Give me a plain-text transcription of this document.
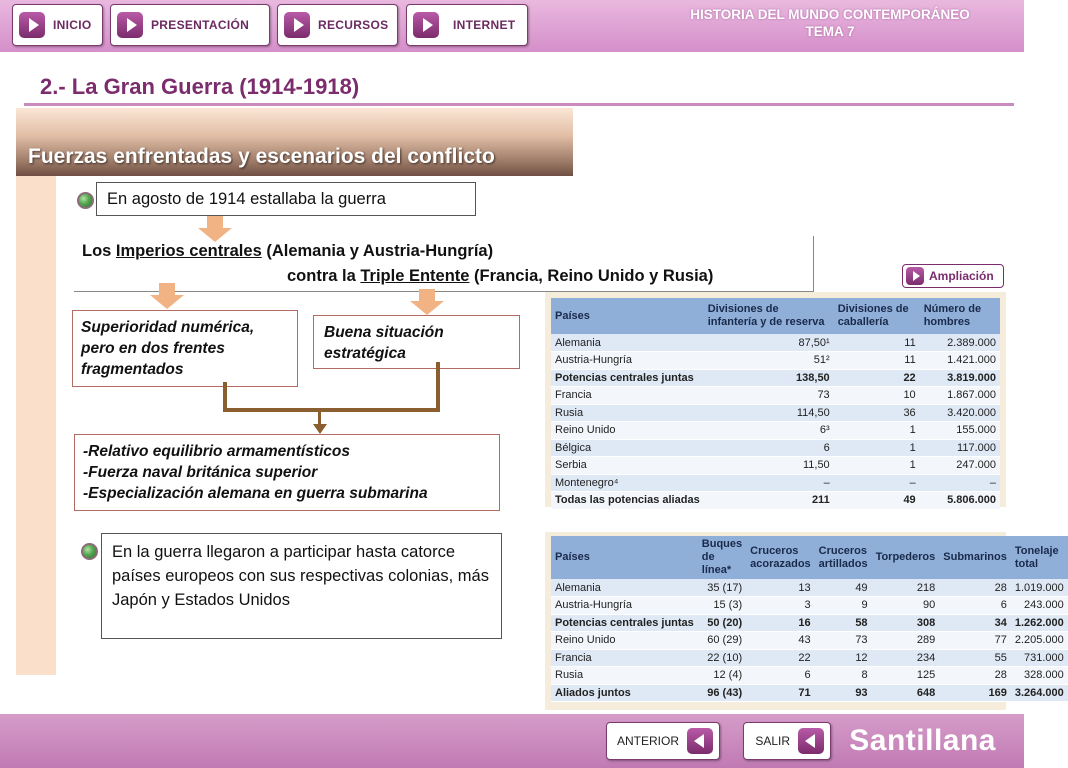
INICIO	PRESENTACIÓN	RECURSOS	INTERNET
HISTORIA DEL MUNDO CONTEMPORÁNEO
TEMA 7
2.- La Gran Guerra (1914-1918)
Fuerzas enfrentadas y escenarios del conflicto
En agosto de 1914 estallaba la guerra
Los Imperios centrales (Alemania y Austria-Hungría)
contra la Triple Entente (Francia, Reino Unido y Rusia)
Superioridad numérica,
pero en dos frentes
fragmentados
Buena situación
estratégica
-Relativo equilibrio armamentísticos
-Fuerza naval británica superior
-Especialización alemana en guerra submarina
En la guerra llegaron a participar hasta catorce países europeos con sus respectivas colonias, más Japón y Estados Unidos
Ampliación
Países	Divisiones de infantería y de reserva	Divisiones de caballería	Número de hombres
Alemania	87,50¹	11	2.389.000
Austria-Hungría	51²	11	1.421.000
Potencias centrales juntas	138,50	22	3.819.000
Francia	73	10	1.867.000
Rusia	114,50	36	3.420.000
Reino Unido	6³	1	155.000
Bélgica	6	1	117.000
Serbia	11,50	1	247.000
Montenegro⁴	–	–	–
Todas las potencias aliadas	211	49	5.806.000
Países	Buques de línea*	Cruceros acorazados	Cruceros artillados	Torpederos	Submarinos	Tonelaje total
Alemania	35 (17)	13	49	218	28	1.019.000
Austria-Hungría	15 (3)	3	9	90	6	243.000
Potencias centrales juntas	50 (20)	16	58	308	34	1.262.000
Reino Unido	60 (29)	43	73	289	77	2.205.000
Francia	22 (10)	22	12	234	55	731.000
Rusia	12 (4)	6	8	125	28	328.000
Aliados juntos	96 (43)	71	93	648	169	3.264.000
ANTERIOR	SALIR Santillana
